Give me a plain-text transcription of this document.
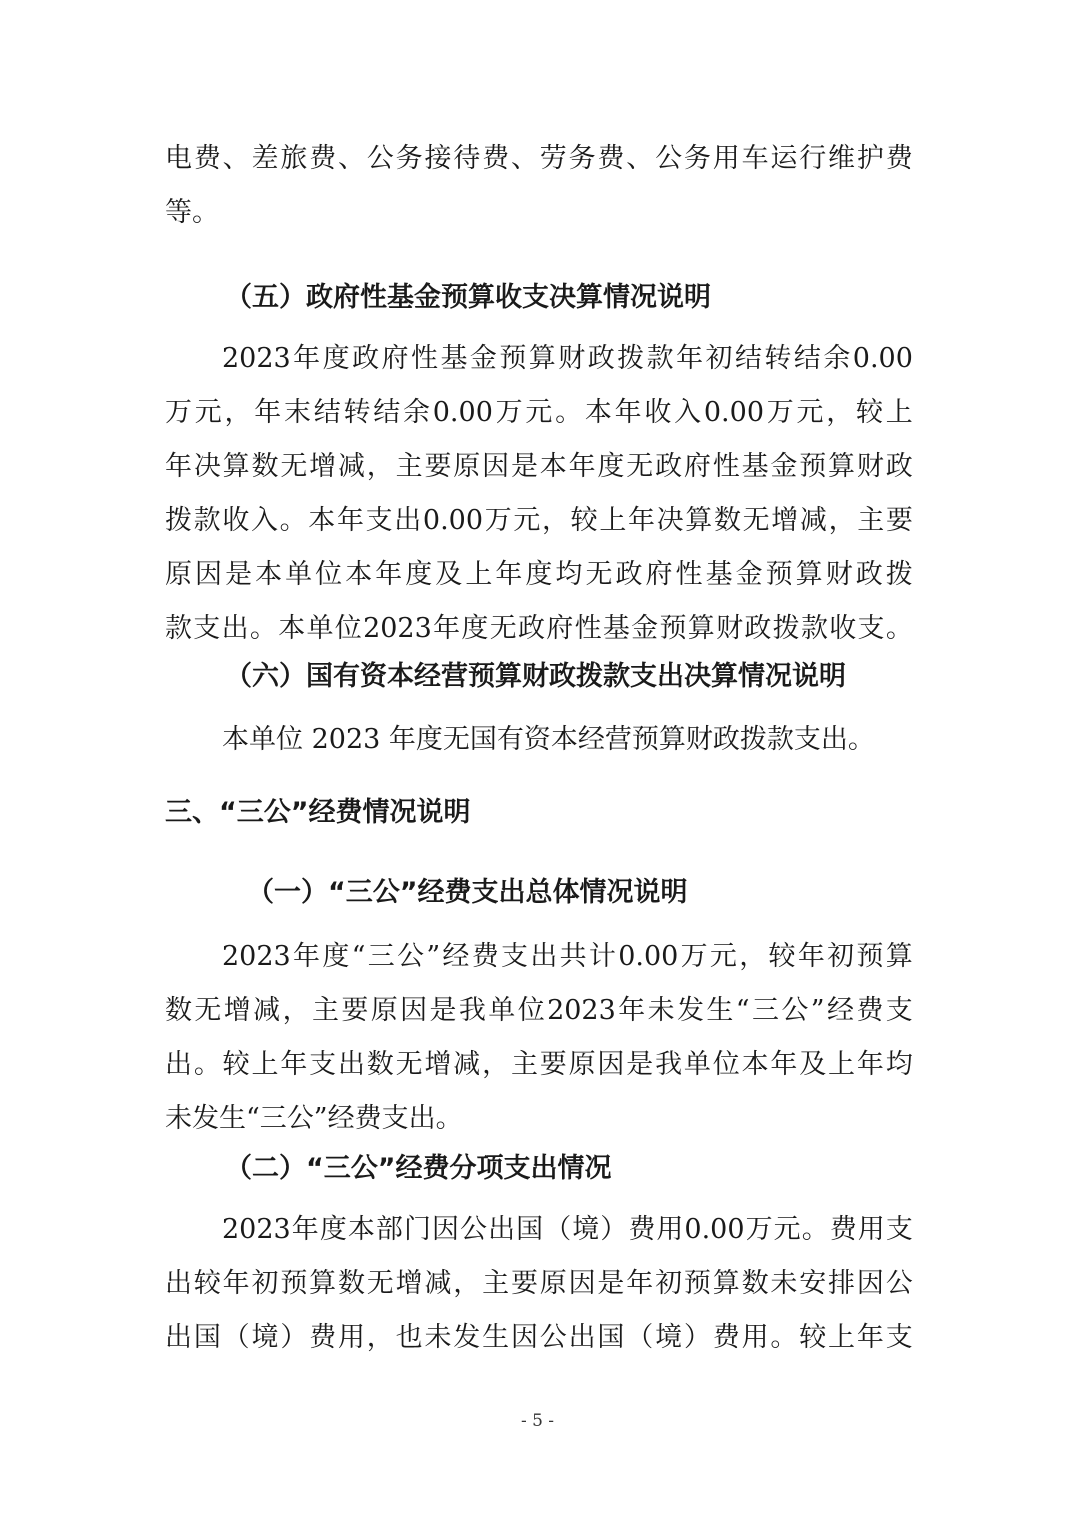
电 费 、 差 旅 费 、 公 务 接 待 费 、 劳 务 费 、 公 务 用 车 运 行 维 护 费
等。
（五）政府性基金预算收支决算情况说明
2023 年 度 政 府 性 基 金 预 算 财 政 拨 款 年 初 结 转 结 余 0.00
万 元 ， 年 末 结 转 结 余 0.00 万 元 。 本 年 收 入 0.00 万 元 ， 较 上
年 决 算 数 无 增 减 ， 主 要 原 因 是 本 年 度 无 政 府 性 基 金 预 算 财 政
拨 款 收 入 。 本 年 支 出 0.00 万 元 ， 较 上 年 决 算 数 无 增 减 ， 主 要
原 因 是 本 单 位 本 年 度 及 上 年 度 均 无 政 府 性 基 金 预 算 财 政 拨
款 支 出 。 本 单 位 2023 年 度 无 政 府 性 基 金 预 算 财 政 拨 款 收 支 。
（六）国有资本经营预算财政拨款支出决算情况说明
本单位 2023 年度无国有资本经营预算财政拨款支出。
三、“三公”经费情况说明
（一）“三公”经费支出总体情况说明
2023 年 度 “ 三 公 ” 经 费 支 出 共 计 0.00 万 元 ， 较 年 初 预 算
数 无 增 减 ， 主 要 原 因 是 我 单 位 2023 年 未 发 生 “ 三 公 ” 经 费 支
出 。 较 上 年 支 出 数 无 增 减 ， 主 要 原 因 是 我 单 位 本 年 及 上 年 均
未发生“三公”经费支出。
（二）“三公”经费分项支出情况
2023 年 度 本 部 门 因 公 出 国 （ 境 ） 费 用 0.00 万 元 。 费 用 支
出 较 年 初 预 算 数 无 增 减 ， 主 要 原 因 是 年 初 预 算 数 未 安 排 因 公
出 国 （ 境 ） 费 用 ， 也 未 发 生 因 公 出 国 （ 境 ） 费 用 。 较 上 年 支
- 5 -
